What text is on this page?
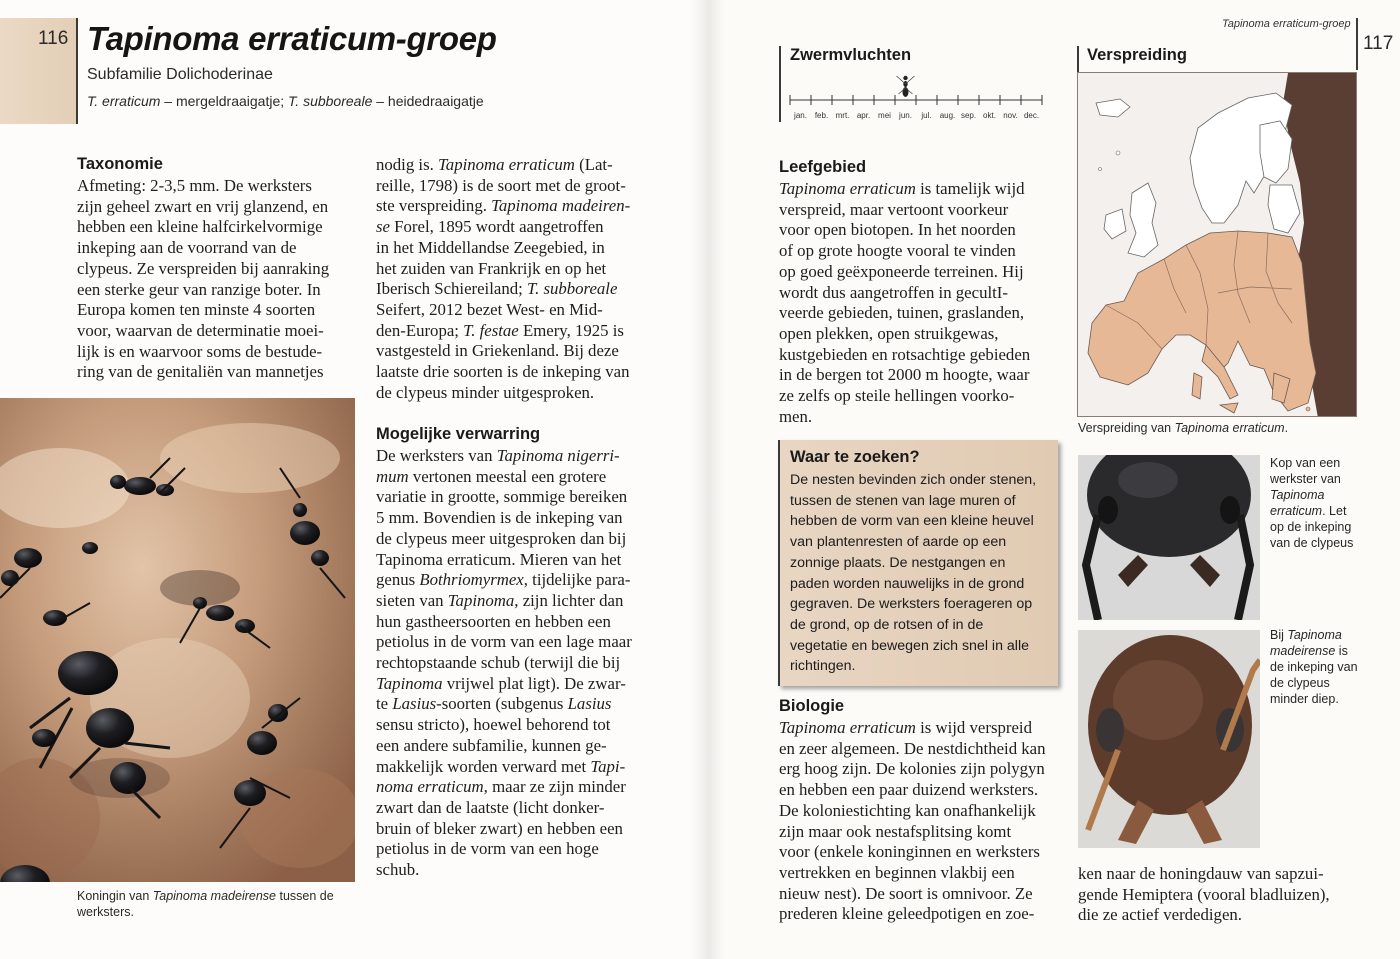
116 Tapinoma erraticum-groep
Subfamilie Dolichoderinae
T. erraticum – mergeldraaigatje; T. subboreale – heidedraaigatje
Taxonomie
Afmeting: 2-3,5 mm. De werksters
zijn geheel zwart en vrij glanzend, en
hebben een kleine halfcirkelvormige
inkeping aan de voorrand van de
clypeus. Ze verspreiden bij aanraking
een sterke geur van ranzige boter. In
Europa komen ten minste 4 soorten
voor, waarvan de determinatie moei-
lijk is en waarvoor soms de bestude-
ring van de genitaliën van mannetjes
nodig is. Tapinoma erraticum (Lat-
reille, 1798) is de soort met de groot-
ste verspreiding. Tapinoma madeiren-
se Forel, 1895 wordt aangetroffen
in het Middellandse Zeegebied, in
het zuiden van Frankrijk en op het
Iberisch Schiereiland; T. subboreale
Seifert, 2012 bezet West- en Mid-
den-Europa; T. festae Emery, 1925 is
vastgesteld in Griekenland. Bij deze
laatste drie soorten is de inkeping van
de clypeus minder uitgesproken.
Mogelijke verwarring
De werksters van Tapinoma nigerri-
mum vertonen meestal een grotere
variatie in grootte, sommige bereiken
5 mm. Bovendien is de inkeping van
de clypeus meer uitgesproken dan bij
Tapinoma erraticum. Mieren van het
genus Bothriomyrmex, tijdelijke para-
sieten van Tapinoma, zijn lichter dan
hun gastheersoorten en hebben een
petiolus in de vorm van een lage maar
rechtopstaande schub (terwijl die bij
Tapinoma vrijwel plat ligt). De zwar-
te Lasius-soorten (subgenus Lasius
sensu stricto), hoewel behorend tot
een andere subfamilie, kunnen ge-
makkelijk worden verward met Tapi-
noma erraticum, maar ze zijn minder
zwart dan de laatste (licht donker-
bruin of bleker zwart) en hebben een
petiolus in de vorm van een hoge
schub.
Koningin van Tapinoma madeirense tussen de
werksters.
Tapinoma erraticum-groep
117
Zwermvluchten
jan. feb. mrt. apr. mei jun. jul. aug. sep. okt. nov. dec.
Leefgebied
Tapinoma erraticum is tamelijk wijd
verspreid, maar vertoont voorkeur
voor open biotopen. In het noorden
of op grote hoogte vooral te vinden
op goed geëxponeerde terreinen. Hij
wordt dus aangetroffen in gecultI-
veerde gebieden, tuinen, graslanden,
open plekken, open struikgewas,
kustgebieden en rotsachtige gebieden
in de bergen tot 2000 m hoogte, waar
ze zelfs op steile hellingen voorko-
men.
Waar te zoeken?
De nesten bevinden zich onder stenen,
tussen de stenen van lage muren of
hebben de vorm van een kleine heuvel
van plantenresten of aarde op een
zonnige plaats. De nestgangen en
paden worden nauwelijks in de grond
gegraven. De werksters foerageren op
de grond, op de rotsen of in de
vegetatie en bewegen zich snel in alle
richtingen.
Biologie
Tapinoma erraticum is wijd verspreid
en zeer algemeen. De nestdichtheid kan
erg hoog zijn. De kolonies zijn polygyn
en hebben een paar duizend werksters.
De koloniestichting kan onafhankelijk
zijn maar ook nestafsplitsing komt
voor (enkele koninginnen en werksters
vertrekken en beginnen vlakbij een
nieuw nest). De soort is omnivoor. Ze
prederen kleine geleedpotigen en zoe-
Verspreiding
Verspreiding van Tapinoma erraticum.
Kop van een
werkster van
Tapinoma
erraticum. Let
op de inkeping
van de clypeus
Bij Tapinoma
madeirense is
de inkeping van
de clypeus
minder diep.
ken naar de honingdauw van sapzui-
gende Hemiptera (vooral bladluizen),
die ze actief verdedigen.
